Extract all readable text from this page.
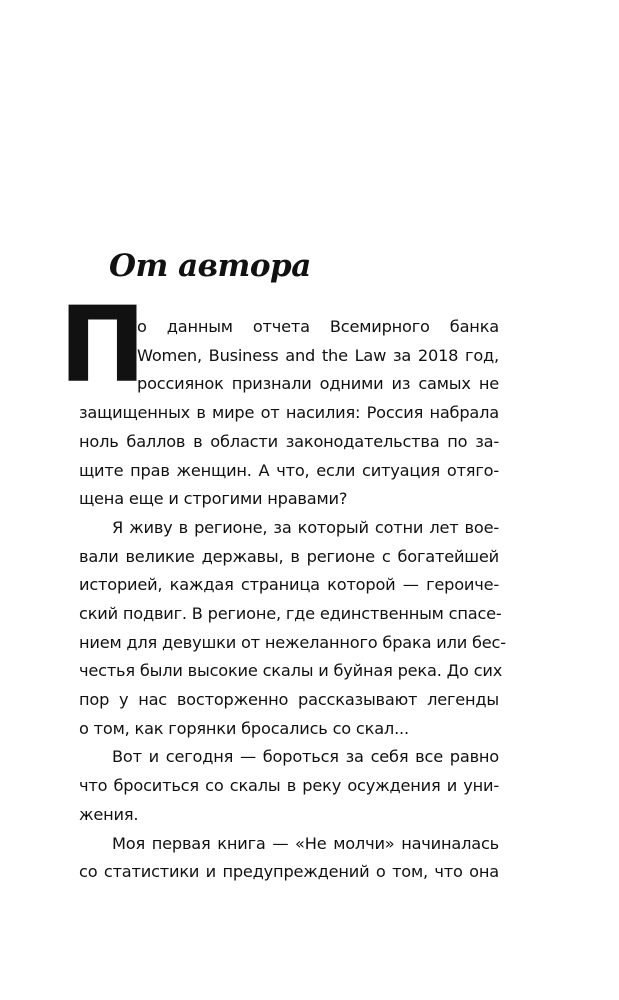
От автора
П
о данным отчета Всемирного банка
Women, Business and the Law за 2018 год,
россиянок признали одними из самых не
защищенных в мире от насилия: Россия набрала
ноль баллов в области законодательства по за-
щите прав женщин. А что, если ситуация отяго-
щена еще и строгими нравами?
Я живу в регионе, за который сотни лет вое-
вали великие державы, в регионе с богатейшей
историей, каждая страница которой — героиче-
ский подвиг. В регионе, где единственным спасе-
нием для девушки от нежеланного брака или бес-
честья были высокие скалы и буйная река. До сих
пор у нас восторженно рассказывают легенды
о том, как горянки бросались со скал...
Вот и сегодня — бороться за себя все равно
что броситься со скалы в реку осуждения и уни-
жения.
Моя первая книга — «Не молчи» начиналась
со статистики и предупреждений о том, что она
